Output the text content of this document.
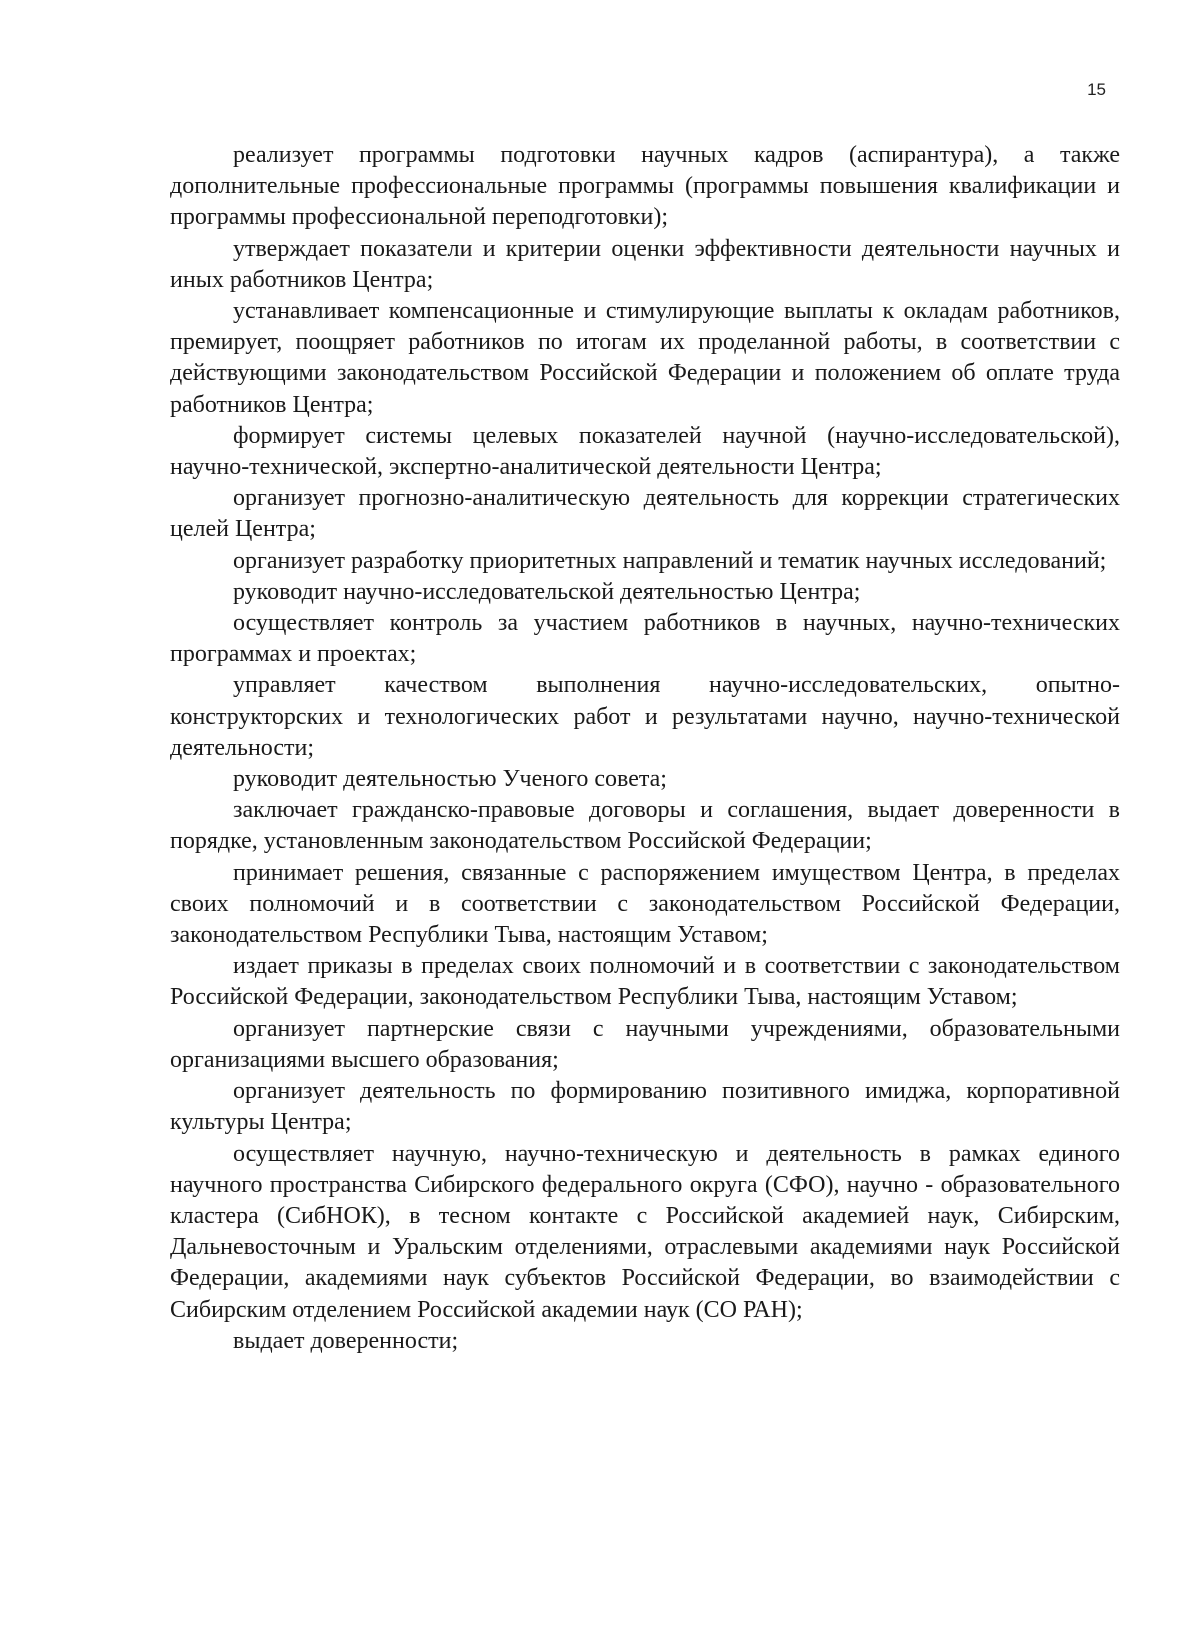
15

реализует программы подготовки научных кадров (аспирантура), а также дополнительные профессиональные программы (программы повышения квалификации и программы профессиональной переподготовки);

утверждает показатели и критерии оценки эффективности деятельности научных и иных работников Центра;

устанавливает компенсационные и стимулирующие выплаты к окладам работников, премирует, поощряет работников по итогам их проделанной работы, в соответствии с действующими законодательством Российской Федерации и положением об оплате труда работников Центра;

формирует системы целевых показателей научной (научно-исследовательской), научно-технической, экспертно-аналитической деятельности Центра;

организует прогнозно-аналитическую деятельность для коррекции стратегических целей Центра;

организует разработку приоритетных направлений и тематик научных исследований;

руководит научно-исследовательской деятельностью Центра;

осуществляет контроль за участием работников в научных, научно-технических программах и проектах;

управляет качеством выполнения научно-исследовательских, опытно-конструкторских и технологических работ и результатами научно, научно-технической деятельности;

руководит деятельностью Ученого совета;

заключает гражданско-правовые договоры и соглашения, выдает доверенности в порядке, установленным законодательством Российской Федерации;

принимает решения, связанные с распоряжением имуществом Центра, в пределах своих полномочий и в соответствии с законодательством Российской Федерации, законодательством Республики Тыва, настоящим Уставом;

издает приказы в пределах своих полномочий и в соответствии с законодательством Российской Федерации, законодательством Республики Тыва, настоящим Уставом;

организует партнерские связи с научными учреждениями, образовательными организациями высшего образования;

организует деятельность по формированию позитивного имиджа, корпоративной культуры Центра;

осуществляет научную, научно-техническую и деятельность в рамках единого научного пространства Сибирского федерального округа (СФО), научно - образовательного кластера (СибНОК), в тесном контакте с Российской академией наук, Сибирским, Дальневосточным и Уральским отделениями, отраслевыми академиями наук Российской Федерации, академиями наук субъектов Российской Федерации, во взаимодействии с Сибирским отделением Российской академии наук (СО РАН);

выдает доверенности;
